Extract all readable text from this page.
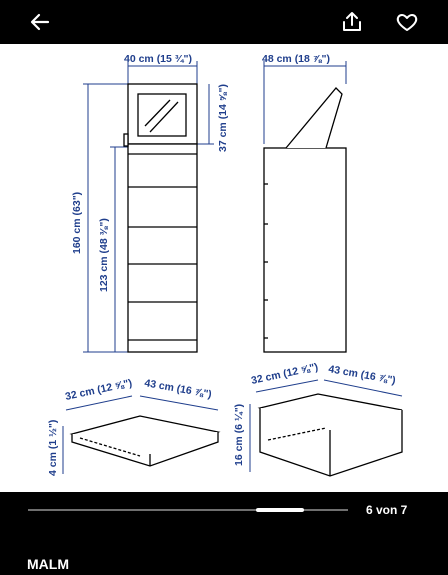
40 cm (15 ¾")	48 cm (18 ⅞")
160 cm (63") 123 cm (48 ⅜")
37 cm (14 ⅝")
32 cm (12 ⅝") 43 cm (16 ⅞")
4 cm (1 ½")
32 cm (12 ⅝") 43 cm (16 ⅞")
16 cm (6 ¼")
6 von 7
MALM
